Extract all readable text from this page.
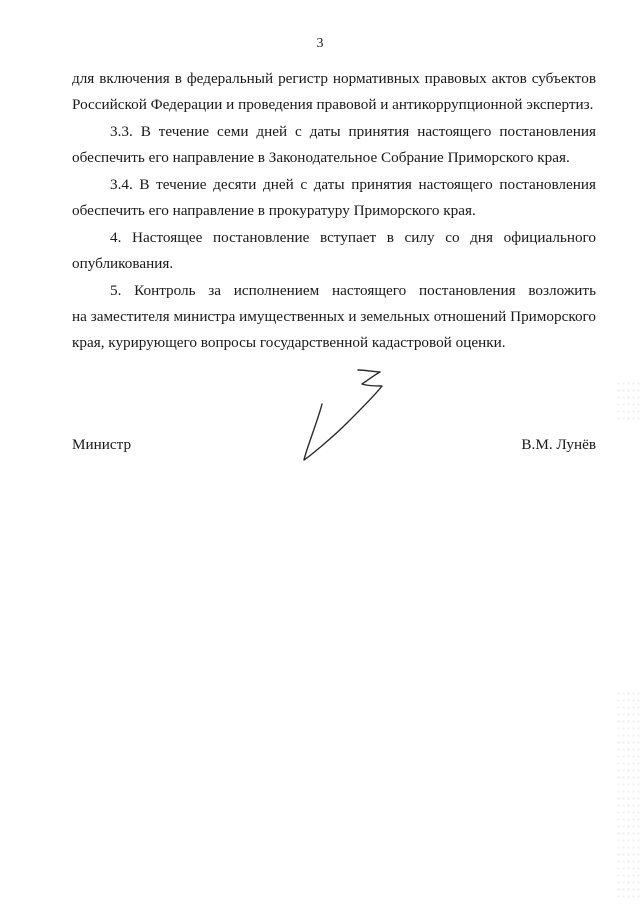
3
для включения в федеральный регистр нормативных правовых актов субъектов
Российской Федерации и проведения правовой и антикоррупционной экспертиз.
3.3. В течение семи дней с даты принятия настоящего постановления
обеспечить его направление в Законодательное Собрание Приморского края.
3.4. В течение десяти дней с даты принятия настоящего постановления
обеспечить его направление в прокуратуру Приморского края.
4. Настоящее постановление вступает в силу со дня официального
опубликования.
5. Контроль за исполнением настоящего постановления возложить
на заместителя министра имущественных и земельных отношений Приморского
края, курирующего вопросы государственной кадастровой оценки.
Министр	В.М. Лунёв
